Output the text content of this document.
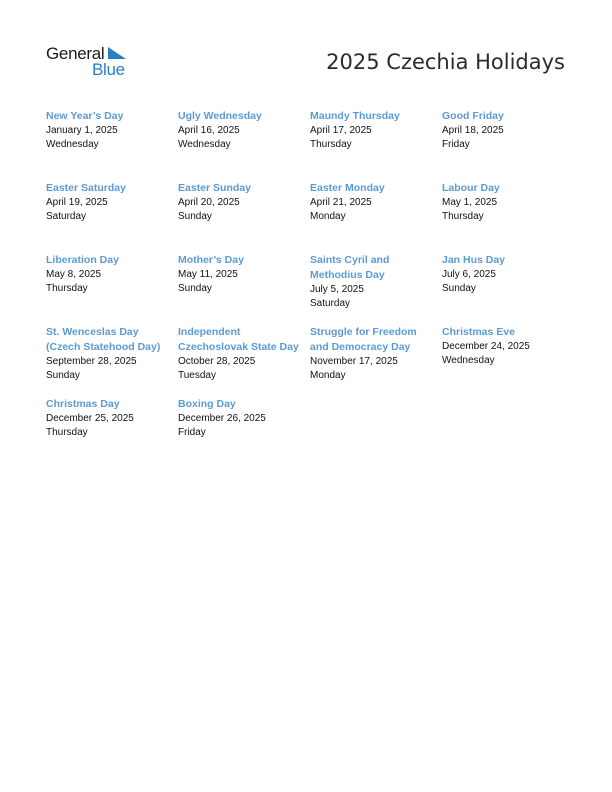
General
Blue	2025 Czechia Holidays
New Year’s Day
January 1, 2025
Wednesday
Ugly Wednesday
April 16, 2025
Wednesday
Maundy Thursday
April 17, 2025
Thursday
Good Friday
April 18, 2025
Friday
Easter Saturday
April 19, 2025
Saturday
Easter Sunday
April 20, 2025
Sunday
Easter Monday
April 21, 2025
Monday
Labour Day
May 1, 2025
Thursday
Liberation Day
May 8, 2025
Thursday
Mother’s Day
May 11, 2025
Sunday
Saints Cyril and Methodius Day
July 5, 2025
Saturday
Jan Hus Day
July 6, 2025
Sunday
St. Wenceslas Day (Czech Statehood Day)
September 28, 2025
Sunday
Independent Czechoslovak State Day
October 28, 2025
Tuesday
Struggle for Freedom and Democracy Day
November 17, 2025
Monday
Christmas Eve
December 24, 2025
Wednesday
Christmas Day
December 25, 2025
Thursday
Boxing Day
December 26, 2025
Friday
